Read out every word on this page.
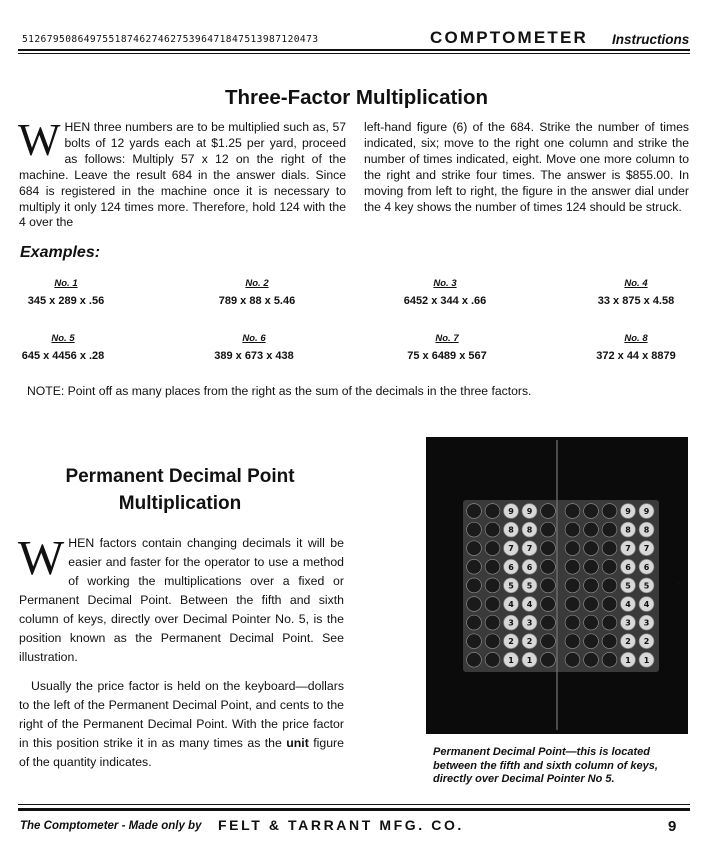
512679508649755187462746275396471847513987120473	COMPTOMETER Instructions
Three-Factor Multiplication
WHEN three numbers are to be multiplied such as, 57 bolts of 12 yards each at $1.25 per yard, proceed as follows: Multiply 57 x 12 on the right of the machine. Leave the result 684 in the answer dials. Since 684 is registered in the machine once it is necessary to multiply it only 124 times more. Therefore, hold 124 with the 4 over the
left-hand figure (6) of the 684. Strike the number of times indicated, six; move to the right one column and strike the number of times indicated, eight. Move one more column to the right and strike four times. The answer is $855.00. In moving from left to right, the figure in the answer dial under the 4 key shows the number of times 124 should be struck.
Examples:
No. 1
345 x 289 x .56
No. 2
789 x 88 x 5.46
No. 3
6452 x 344 x .66
No. 4
33 x 875 x 4.58
No. 5
645 x 4456 x .28
No. 6
389 x 673 x 438
No. 7
75 x 6489 x 567
No. 8
372 x 44 x 8879
NOTE: Point off as many places from the right as the sum of the decimals in the three factors.
Permanent Decimal Point
Multiplication

WHEN factors contain changing decimals it will be easier and faster for the operator to use a method of working the multiplications over a fixed or Permanent Decimal Point. Between the fifth and sixth column of keys, directly over Decimal Pointer No. 5, is the position known as the Permanent Decimal Point. See illustration.

Usually the price factor is held on the keyboard—dollars to the left of the Permanent Decimal Point, and cents to the right of the Permanent Decimal Point. With the price factor in this position strike it in as many times as the unit figure of the quantity indicates.

9 9	9 9
8 8	8 8
7 7	7 7
6 6	6 6
5 5	5 5
4 4	4 4
3 3	3 3
2 2	2 2
1 1	1 1
-
Permanent Decimal Point—this is located between the fifth and sixth column of keys, directly over Decimal Pointer No 5.
The Comptometer - Made only by FELT & TARRANT MFG. CO.	9
